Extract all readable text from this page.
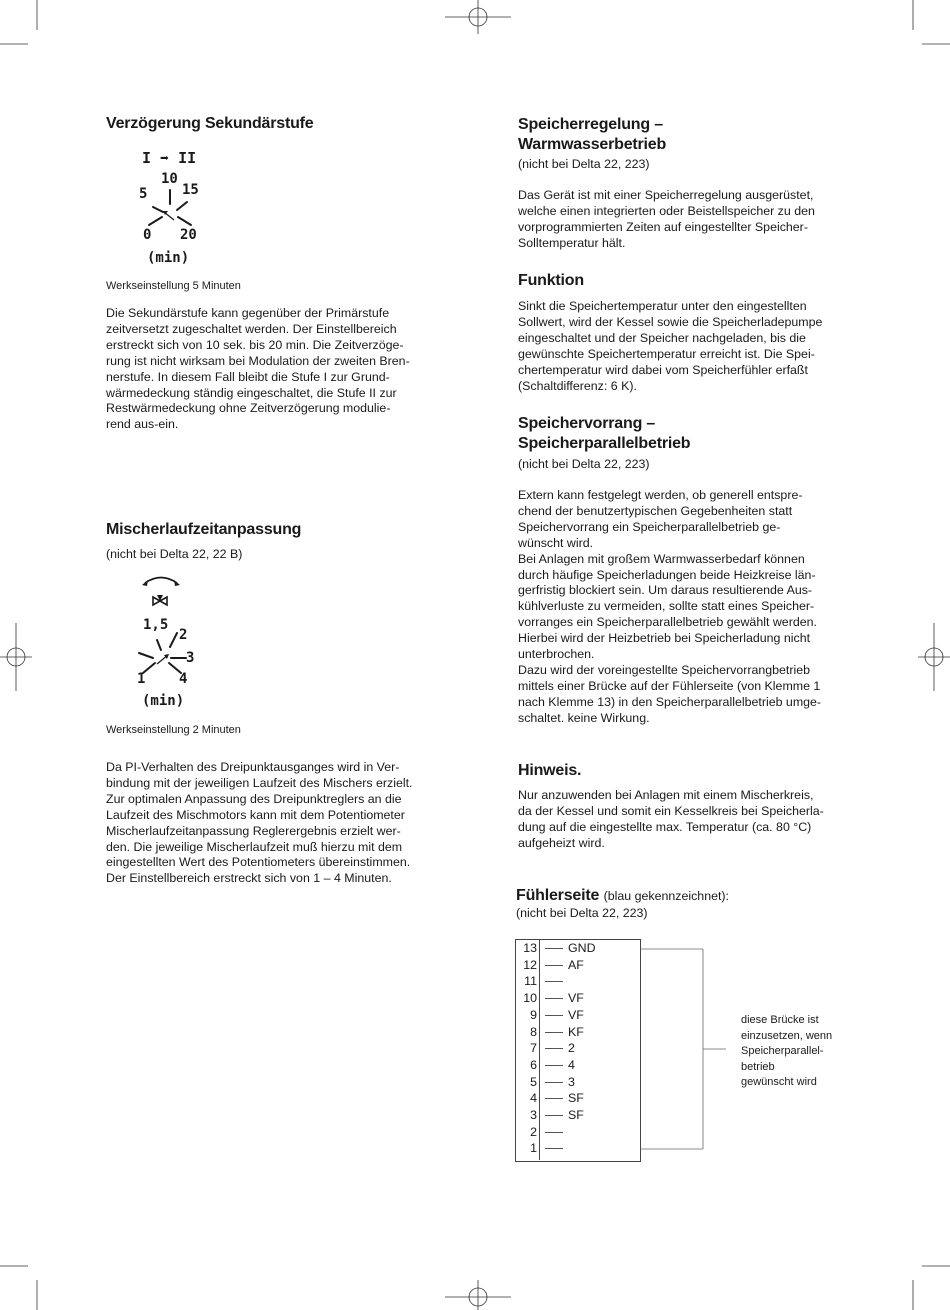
Verzögerung Sekundärstufe
I ➡ II
10
5 15
0 20
(min)
Werkseinstellung 5 Minuten
Die Sekundärstufe kann gegenüber der Primärstufe
zeitversetzt zugeschaltet werden. Der Einstellbereich
erstreckt sich von 10 sek. bis 20 min. Die Zeitverzöge-
rung ist nicht wirksam bei Modulation der zweiten Bren-
nerstufe. In diesem Fall bleibt die Stufe I zur Grund-
wärmedeckung ständig eingeschaltet, die Stufe II zur
Restwärmedeckung ohne Zeitverzögerung modulie-
rend aus-ein.
Mischerlaufzeitanpassung
(nicht bei Delta 22, 22 B)
1,5
2
3
1 4
(min)
Werkseinstellung 2 Minuten
Da PI-Verhalten des Dreipunktausganges wird in Ver-
bindung mit der jeweiligen Laufzeit des Mischers erzielt.
Zur optimalen Anpassung des Dreipunktreglers an die
Laufzeit des Mischmotors kann mit dem Potentiometer
Mischerlaufzeitanpassung Reglerergebnis erzielt wer-
den. Die jeweilige Mischerlaufzeit muß hierzu mit dem
eingestellten Wert des Potentiometers übereinstimmen.
Der Einstellbereich erstreckt sich von 1 – 4 Minuten.
Speicherregelung –
Warmwasserbetrieb
(nicht bei Delta 22, 223)
Das Gerät ist mit einer Speicherregelung ausgerüstet,
welche einen integrierten oder Beistellspeicher zu den
vorprogrammierten Zeiten auf eingestellter Speicher-
Solltemperatur hält.
Funktion
Sinkt die Speichertemperatur unter den eingestellten
Sollwert, wird der Kessel sowie die Speicherladepumpe
eingeschaltet und der Speicher nachgeladen, bis die
gewünschte Speichertemperatur erreicht ist. Die Spei-
chertemperatur wird dabei vom Speicherfühler erfaßt
(Schaltdifferenz: 6 K).
Speichervorrang –
Speicherparallelbetrieb
(nicht bei Delta 22, 223)
Extern kann festgelegt werden, ob generell entspre-
chend der benutzertypischen Gegebenheiten statt
Speichervorrang ein Speicherparallelbetrieb ge-
wünscht wird.
Bei Anlagen mit großem Warmwasserbedarf können
durch häufige Speicherladungen beide Heizkreise län-
gerfristig blockiert sein. Um daraus resultierende Aus-
kühlverluste zu vermeiden, sollte statt eines Speicher-
vorranges ein Speicherparallelbetrieb gewählt werden.
Hierbei wird der Heizbetrieb bei Speicherladung nicht
unterbrochen.
Dazu wird der voreingestellte Speichervorrangbetrieb
mittels einer Brücke auf der Fühlerseite (von Klemme 1
nach Klemme 13) in den Speicherparallelbetrieb umge-
schaltet. keine Wirkung.
Hinweis.
Nur anzuwenden bei Anlagen mit einem Mischerkreis,
da der Kessel und somit ein Kesselkreis bei Speicherla-
dung auf die eingestellte max. Temperatur (ca. 80 °C)
aufgeheizt wird.
Fühlerseite (blau gekennzeichnet):
(nicht bei Delta 22, 223)
13	GND
12	AF
11
10	VF
9	VF
8	KF
7	2
6	4
5	3
4	SF
3	SF
2
1
diese Brücke ist
einzusetzen, wenn
Speicherparallel-
betrieb
gewünscht wird
